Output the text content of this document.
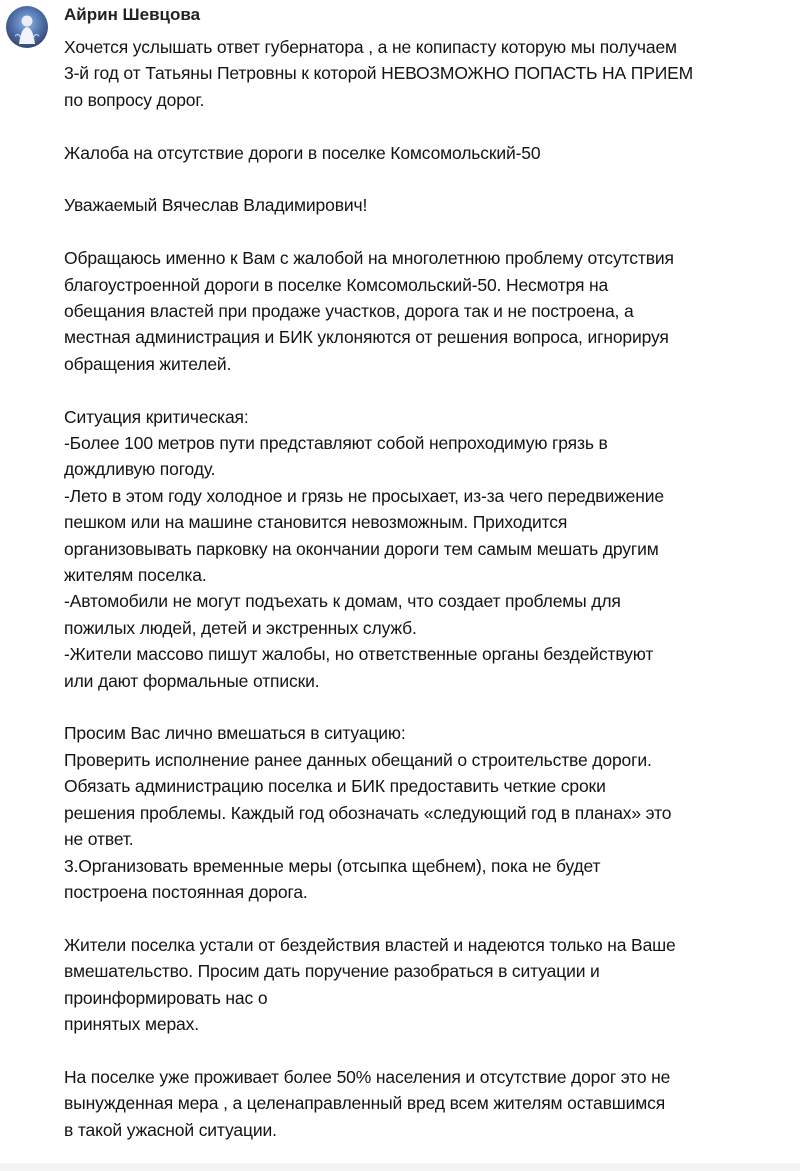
Айрин Шевцова
Хочется услышать ответ губернатора , а не копипасту которую мы получаем
3-й год от Татьяны Петровны к которой НЕВОЗМОЖНО ПОПАСТЬ НА ПРИЕМ
по вопросу дорог.
Жалоба на отсутствие дороги в поселке Комсомольский-50
Уважаемый Вячеслав Владимирович!
Обращаюсь именно к Вам с жалобой на многолетнюю проблему отсутствия
благоустроенной дороги в поселке Комсомольский-50. Несмотря на
обещания властей при продаже участков, дорога так и не построена, а
местная администрация и БИК уклоняются от решения вопроса, игнорируя
обращения жителей.
Ситуация критическая:
-Более 100 метров пути представляют собой непроходимую грязь в
дождливую погоду.
-Лето в этом году холодное и грязь не просыхает, из-за чего передвижение
пешком или на машине становится невозможным. Приходится
организовывать парковку на окончании дороги тем самым мешать другим
жителям поселка.
-Автомобили не могут подъехать к домам, что создает проблемы для
пожилых людей, детей и экстренных служб.
-Жители массово пишут жалобы, но ответственные органы бездействуют
или дают формальные отписки.
Просим Вас лично вмешаться в ситуацию:
Проверить исполнение ранее данных обещаний о строительстве дороги.
Обязать администрацию поселка и БИК предоставить четкие сроки
решения проблемы. Каждый год обозначать «следующий год в планах» это
не ответ.
3.Организовать временные меры (отсыпка щебнем), пока не будет
построена постоянная дорога.
Жители поселка устали от бездействия властей и надеются только на Ваше
вмешательство. Просим дать поручение разобраться в ситуации и
проинформировать нас о
принятых мерах.
На поселке уже проживает более 50% населения и отсутствие дорог это не
вынужденная мера , а целенаправленный вред всем жителям оставшимся
в такой ужасной ситуации.
